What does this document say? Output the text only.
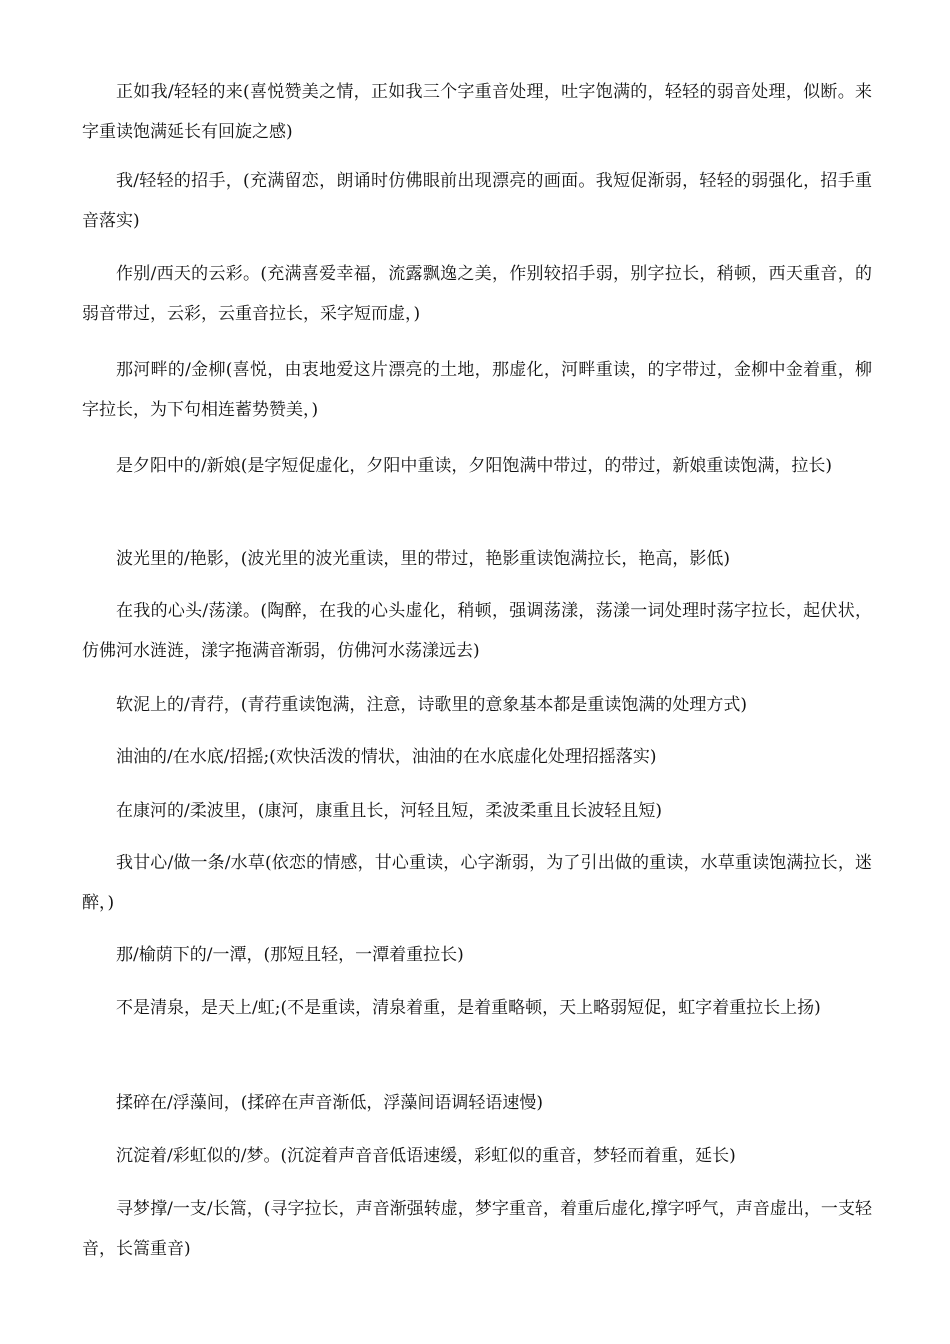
正如我/轻轻的来(喜悦赞美之情，正如我三个字重音处理，吐字饱满的，轻轻的弱音处理，似断。来字重读饱满延长有回旋之感)

我/轻轻的招手，(充满留恋，朗诵时仿佛眼前出现漂亮的画面。我短促渐弱，轻轻的弱强化，招手重音落实)

作别/西天的云彩。(充满喜爱幸福，流露飘逸之美，作别较招手弱，别字拉长，稍顿，西天重音，的弱音带过，云彩，云重音拉长，采字短而虚，)

那河畔的/金柳(喜悦，由衷地爱这片漂亮的土地，那虚化，河畔重读，的字带过，金柳中金着重，柳字拉长，为下句相连蓄势赞美，)

是夕阳中的/新娘(是字短促虚化，夕阳中重读，夕阳饱满中带过，的带过，新娘重读饱满，拉长)

波光里的/艳影，(波光里的波光重读，里的带过，艳影重读饱满拉长，艳高，影低)

在我的心头/荡漾。(陶醉，在我的心头虚化，稍顿，强调荡漾，荡漾一词处理时荡字拉长，起伏状，仿佛河水涟涟，漾字拖满音渐弱，仿佛河水荡漾远去)

软泥上的/青荇，(青荇重读饱满，注意，诗歌里的意象基本都是重读饱满的处理方式)

油油的/在水底/招摇;(欢快活泼的情状，油油的在水底虚化处理招摇落实)

在康河的/柔波里，(康河，康重且长，河轻且短，柔波柔重且长波轻且短)

我甘心/做一条/水草(依恋的情感，甘心重读，心字渐弱，为了引出做的重读，水草重读饱满拉长，迷醉，)

那/榆荫下的/一潭，(那短且轻，一潭着重拉长)

不是清泉，是天上/虹;(不是重读，清泉着重，是着重略顿，天上略弱短促，虹字着重拉长上扬)

揉碎在/浮藻间，(揉碎在声音渐低，浮藻间语调轻语速慢)

沉淀着/彩虹似的/梦。(沉淀着声音音低语速缓，彩虹似的重音，梦轻而着重，延长)

寻梦撑/一支/长篙，(寻字拉长，声音渐强转虚，梦字重音，着重后虚化,撑字呼气，声音虚出，一支轻音，长篙重音)
